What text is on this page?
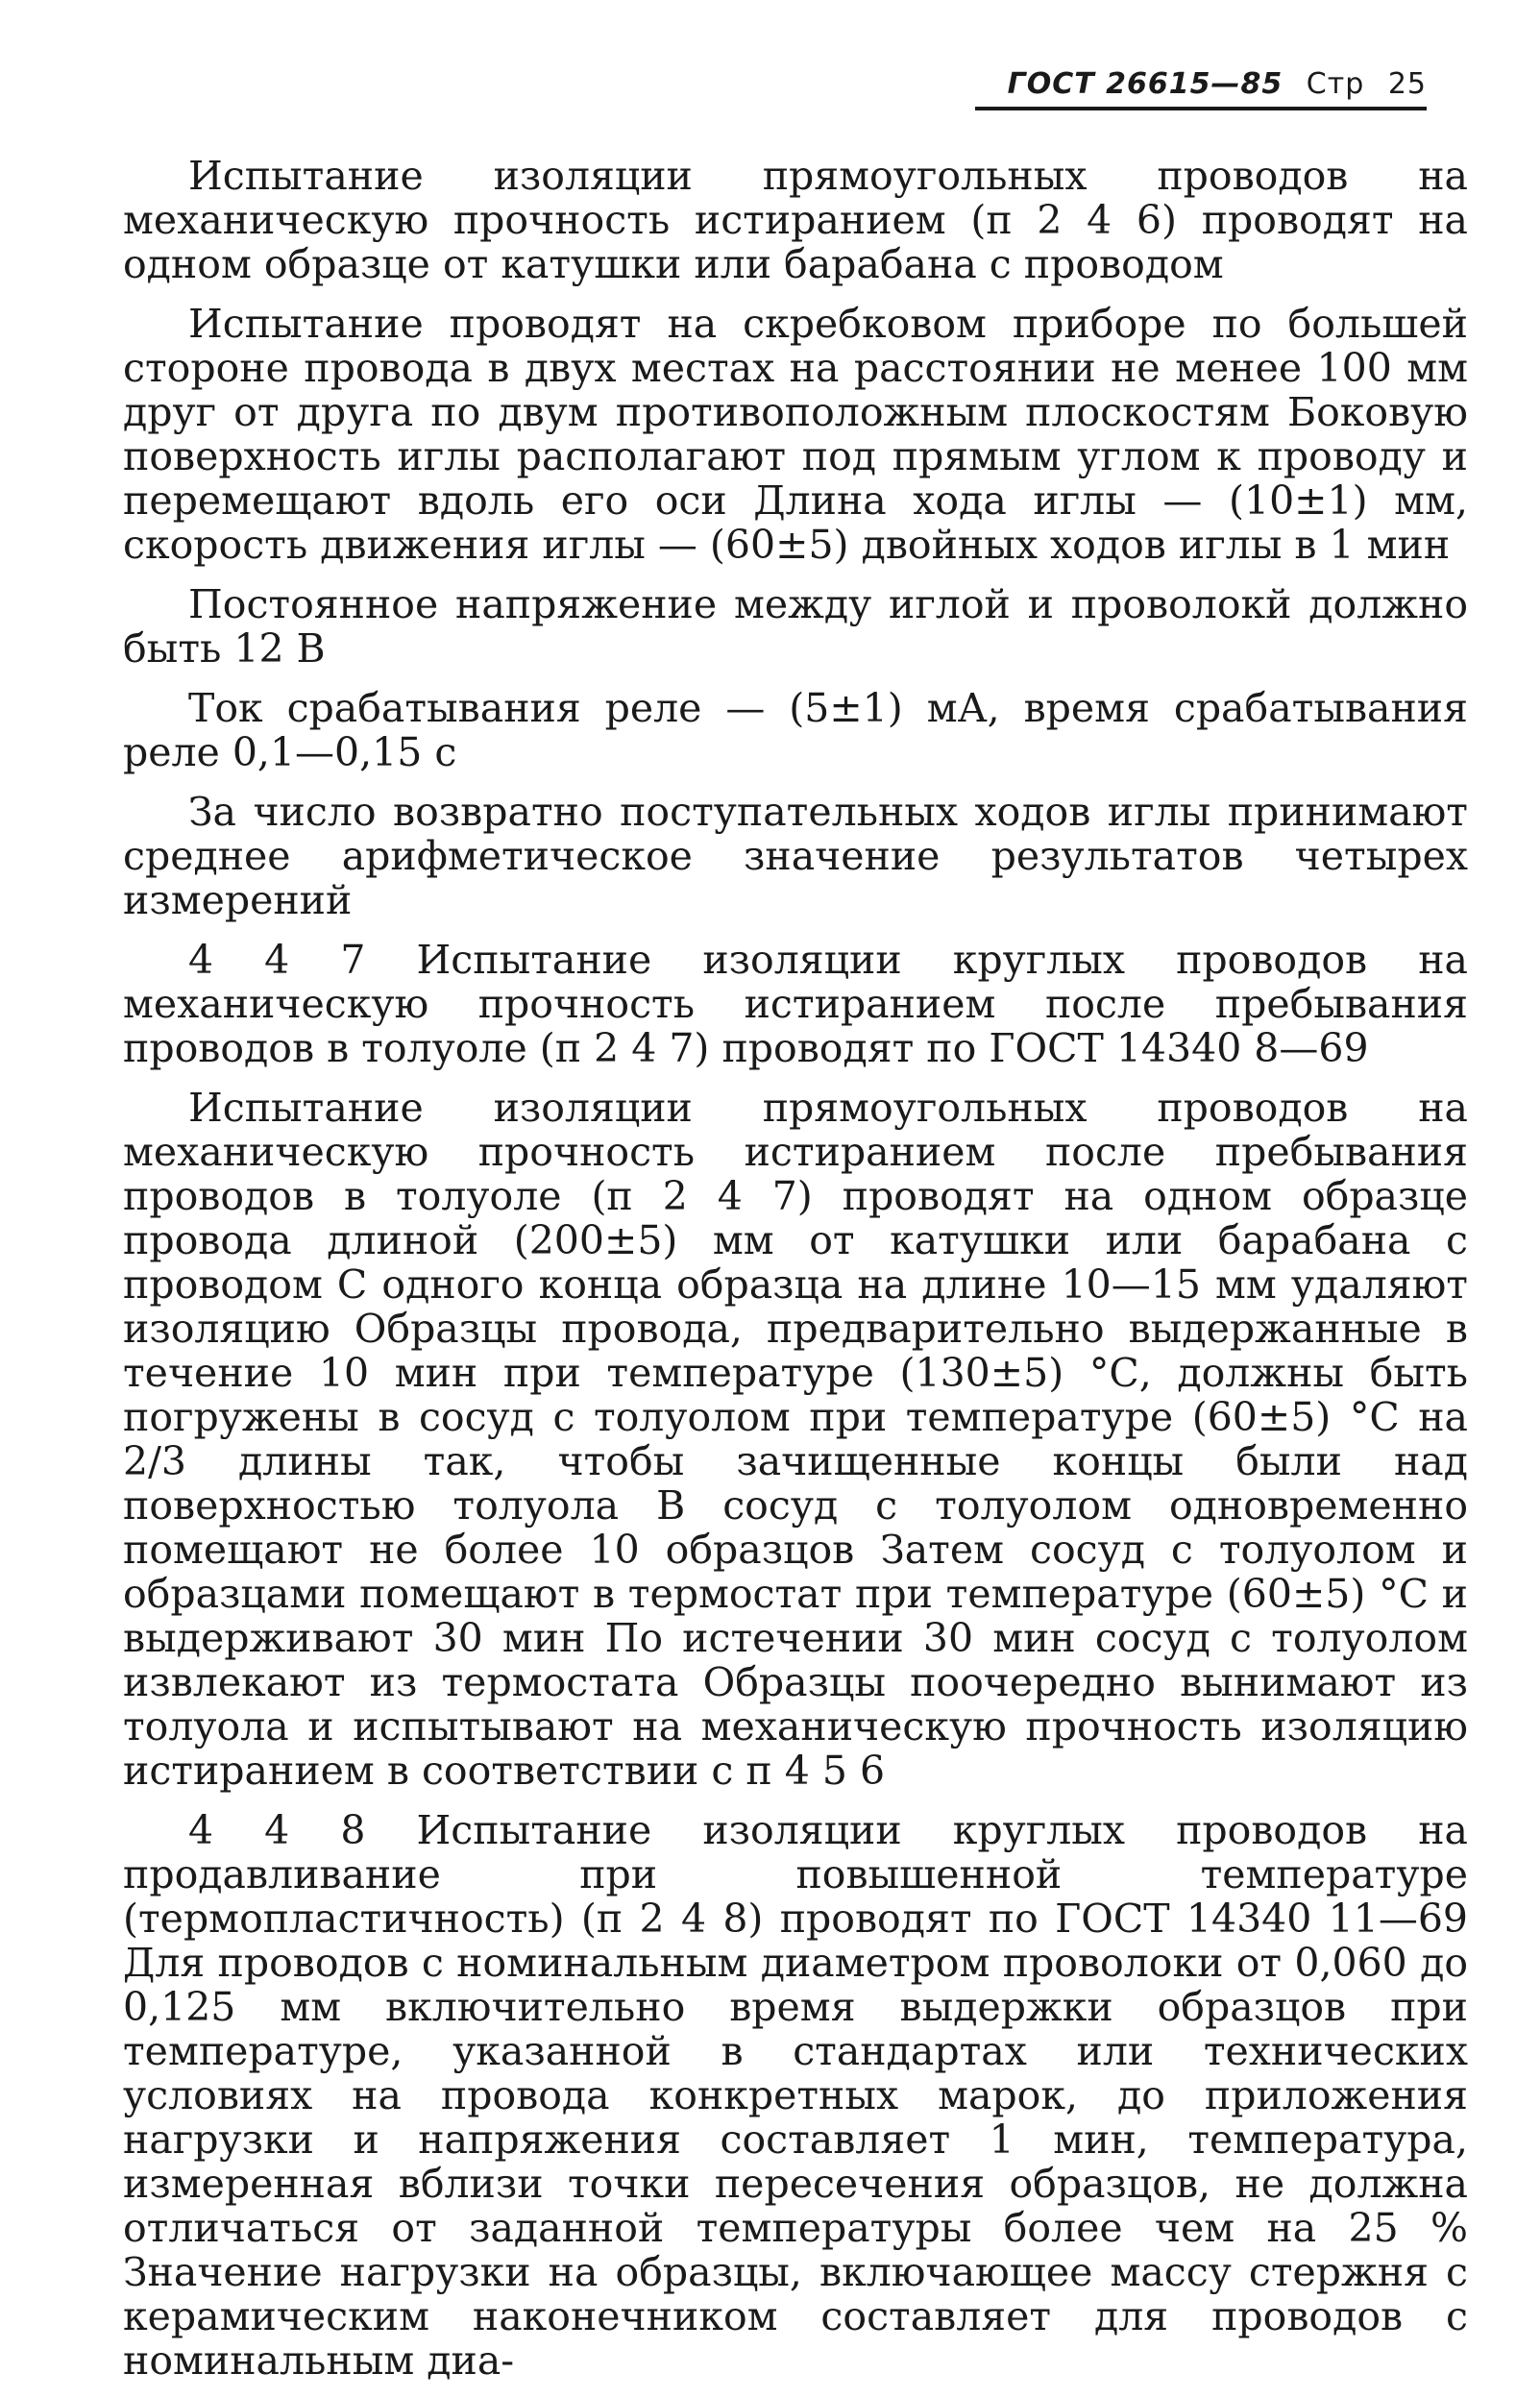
ГОСТ 26615—85 Стр 25

Испытание изоляции прямоугольных проводов на механическую прочность истиранием (п 2 4 6) проводят на одном образце от катушки или барабана с проводом

Испытание проводят на скребковом приборе по большей стороне провода в двух местах на расстоянии не менее 100 мм друг от друга по двум противоположным плоскостям Боковую поверхность иглы располагают под прямым углом к проводу и перемещают вдоль его оси Длина хода иглы — (10±1) мм, скорость движения иглы — (60±5) двойных ходов иглы в 1 мин

Постоянное напряжение между иглой и проволокй должно быть 12 В

Ток срабатывания реле — (5±1) мА, время срабатывания реле 0,1—0,15 с

За число возвратно поступательных ходов иглы принимают среднее арифметическое значение результатов четырех измерений

4 4 7 Испытание изоляции круглых проводов на механическую прочность истиранием после пребывания проводов в толуоле (п 2 4 7) проводят по ГОСТ 14340 8—69

Испытание изоляции прямоугольных проводов на механическую прочность истиранием после пребывания проводов в толуоле (п 2 4 7) проводят на одном образце провода длиной (200±5) мм от катушки или барабана с проводом С одного конца образца на длине 10—15 мм удаляют изоляцию Образцы провода, предварительно выдержанные в течение 10 мин при температуре (130±5) °С, должны быть погружены в сосуд с толуолом при температуре (60±5) °С на 2/3 длины так, чтобы зачищенные концы были над поверхностью толуола В сосуд с толуолом одновременно помещают не более 10 образцов Затем сосуд с толуолом и образцами помещают в термостат при температуре (60±5) °С и выдерживают 30 мин По истечении 30 мин сосуд с толуолом извлекают из термостата Образцы поочередно вынимают из толуола и испытывают на механическую прочность изоляцию истиранием в соответствии с п 4 5 6

4 4 8 Испытание изоляции круглых проводов на продавливание при повышенной температуре (термопластичность) (п 2 4 8) проводят по ГОСТ 14340 11—69 Для проводов с номинальным диаметром проволоки от 0,060 до 0,125 мм включительно время выдержки образцов при температуре, указанной в стандартах или технических условиях на провода конкретных марок, до приложения нагрузки и напряжения составляет 1 мин, температура, измеренная вблизи точки пересечения образцов, не должна отличаться от заданной температуры более чем на 25 % Значение нагрузки на образцы, включающее массу стержня с керамическим наконечником составляет для проводов с номинальным диа-
